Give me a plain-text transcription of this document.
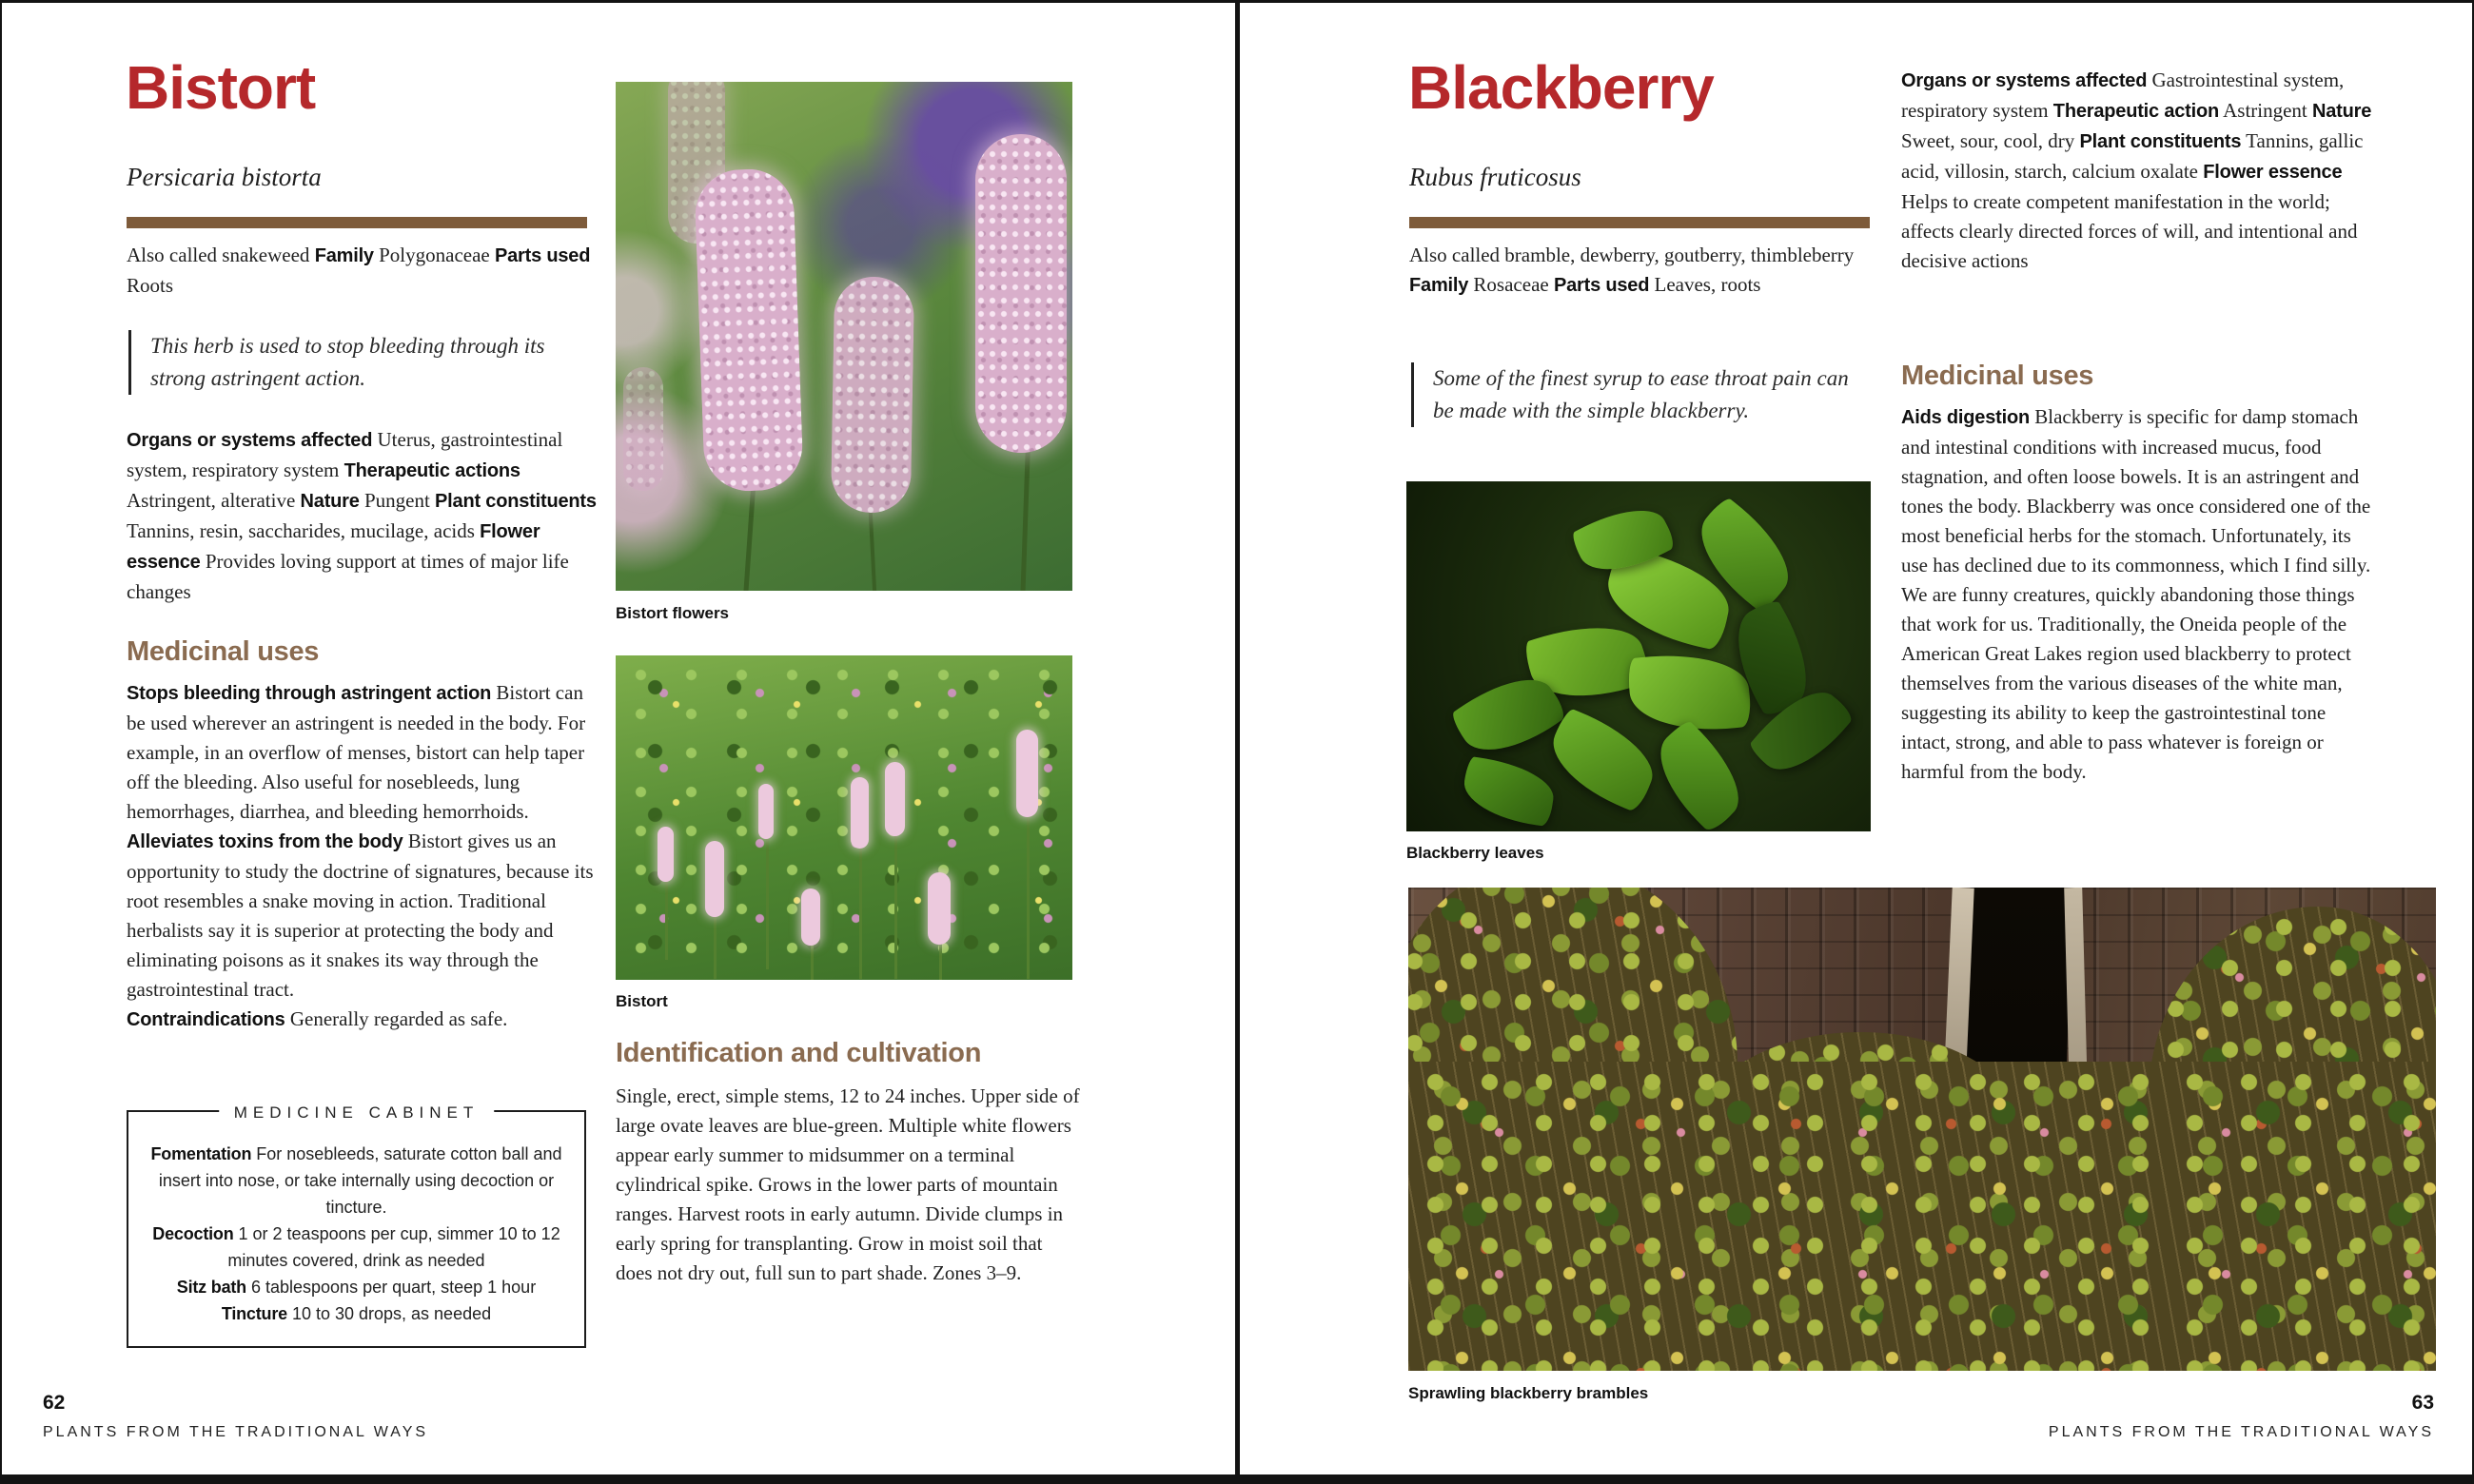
Bistort
Persicaria bistorta

Also called snakeweed Family Polygonaceae Parts used Roots

This herb is used to stop bleeding through its strong astringent action.

Organs or systems affected Uterus, gastrointestinal system, respiratory system Therapeutic actions Astringent, alterative Nature Pungent Plant constituents Tannins, resin, saccharides, mucilage, acids Flower essence Provides loving support at times of major life changes

Medicinal uses

Stops bleeding through astringent action Bistort can be used wherever an astringent is needed in the body. For example, in an overflow of menses, bistort can help taper off the bleeding. Also useful for nosebleeds, lung hemorrhages, diarrhea, and bleeding hemorrhoids.

Alleviates toxins from the body Bistort gives us an opportunity to study the doctrine of signatures, because its root resembles a snake moving in action. Traditional herbalists say it is superior at protecting the body and eliminating poisons as it snakes its way through the gastrointestinal tract.

Contraindications Generally regarded as safe.

MEDICINE CABINET
Fomentation For nosebleeds, saturate cotton ball and insert into nose, or take internally using decoction or tincture.
Decoction 1 or 2 teaspoons per cup, simmer 10 to 12 minutes covered, drink as needed
Sitz bath 6 tablespoons per quart, steep 1 hour
Tincture 10 to 30 drops, as needed
Bistort flowers
Bistort
Identification and cultivation

Single, erect, simple stems, 12 to 24 inches. Upper side of large ovate leaves are blue-green. Multiple white flowers appear early summer to midsummer on a terminal cylindrical spike. Grows in the lower parts of mountain ranges. Harvest roots in early autumn. Divide clumps in early spring for transplanting. Grow in moist soil that does not dry out, full sun to part shade. Zones 3–9.

62
PLANTS FROM THE TRADITIONAL WAYS
Blackberry
Rubus fruticosus

Also called bramble, dewberry, goutberry, thimbleberry Family Rosaceae Parts used Leaves, roots

Some of the finest syrup to ease throat pain can be made with the simple blackberry.
Blackberry leaves
Sprawling blackberry brambles

Organs or systems affected Gastrointestinal system, respiratory system Therapeutic action Astringent Nature Sweet, sour, cool, dry Plant constituents Tannins, gallic acid, villosin, starch, calcium oxalate Flower essence Helps to create competent manifestation in the world; affects clearly directed forces of will, and intentional and decisive actions

Medicinal uses

Aids digestion Blackberry is specific for damp stomach and intestinal conditions with increased mucus, food stagnation, and often loose bowels. It is an astringent and tones the body. Blackberry was once considered one of the most beneficial herbs for the stomach. Unfortunately, its use has declined due to its commonness, which I find silly. We are funny creatures, quickly abandoning those things that work for us. Traditionally, the Oneida people of the American Great Lakes region used blackberry to protect themselves from the various diseases of the white man, suggesting its ability to keep the gastrointestinal tone intact, strong, and able to pass whatever is foreign or harmful from the body.

63
PLANTS FROM THE TRADITIONAL WAYS
